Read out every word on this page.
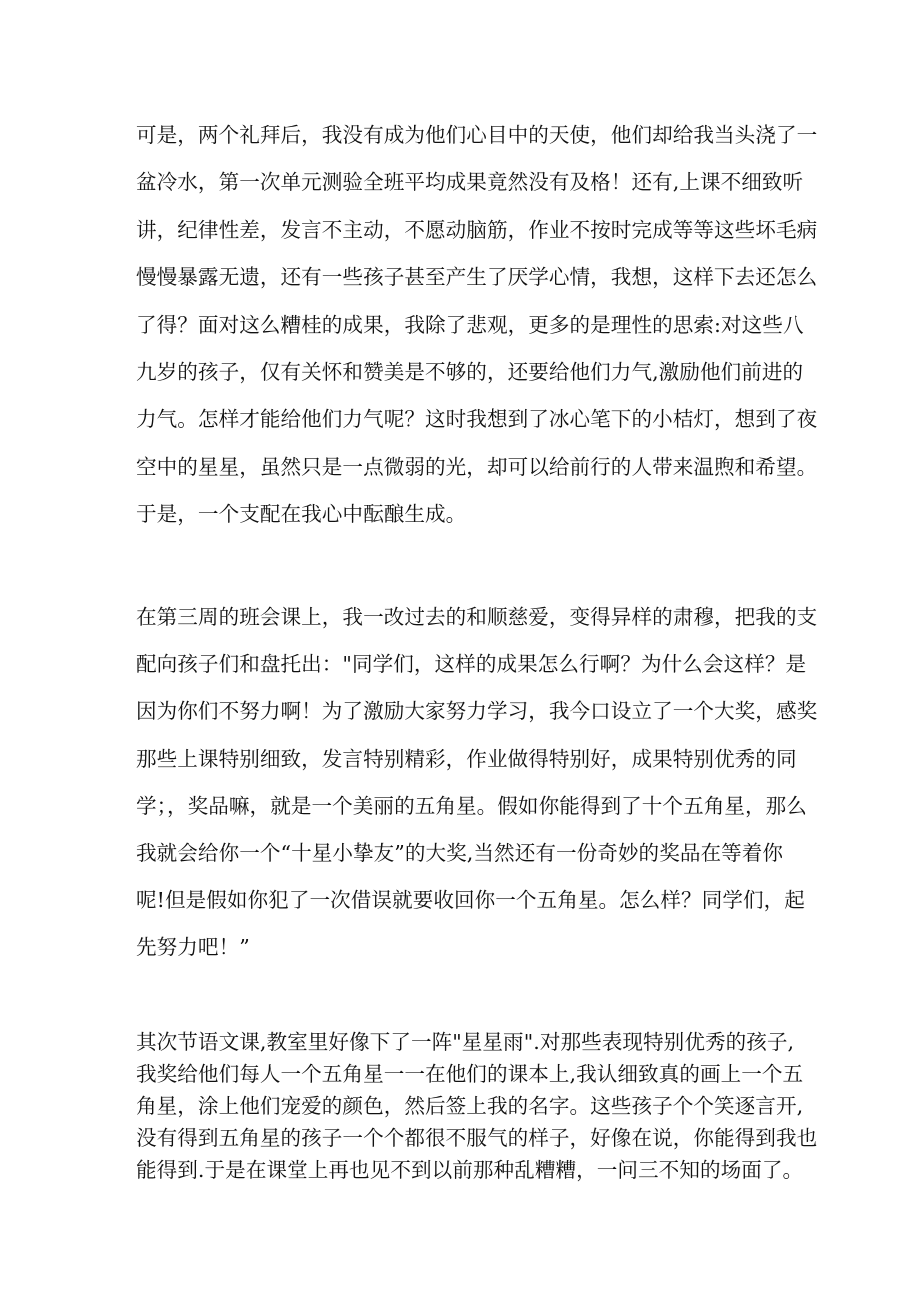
可是，两个礼拜后，我没有成为他们心目中的天使，他们却给我当头浇了一
盆冷水，第一次单元测验全班平均成果竟然没有及格！还有,上课不细致听
讲，纪律性差，发言不主动，不愿动脑筋，作业不按时完成等等这些坏毛病
慢慢暴露无遗，还有一些孩子甚至产生了厌学心情，我想，这样下去还怎么
了得？面对这么糟桂的成果，我除了悲观，更多的是理性的思索:对这些八
九岁的孩子，仅有关怀和赞美是不够的，还要给他们力气,激励他们前进的
力气。怎样才能给他们力气呢？这时我想到了冰心笔下的小桔灯，想到了夜
空中的星星，虽然只是一点微弱的光，却可以给前行的人带来温煦和希望。
于是，一个支配在我心中酝酿生成。
在第三周的班会课上，我一改过去的和顺慈爱，变得异样的肃穆，把我的支
配向孩子们和盘托出："同学们，这样的成果怎么行啊？为什么会这样？是
因为你们不努力啊！为了激励大家努力学习，我今口设立了一个大奖，感奖
那些上课特别细致，发言特别精彩，作业做得特别好，成果特别优秀的同
学；，奖品嘛，就是一个美丽的五角星。假如你能得到了十个五角星，那么
我就会给你一个“十星小挚友”的大奖,当然还有一份奇妙的奖品在等着你
呢!但是假如你犯了一次借误就要收回你一个五角星。怎么样？同学们，起
先努力吧！”
其次节语文课,教室里好像下了一阵"星星雨".对那些表现特别优秀的孩子,
我奖给他们每人一个五角星一一在他们的课本上,我认细致真的画上一个五
角星，涂上他们宠爱的颜色，然后签上我的名字。这些孩子个个笑逐言开,
没有得到五角星的孩子一个个都很不服气的样子，好像在说，你能得到我也
能得到.于是在课堂上再也见不到以前那种乱糟糟，一问三不知的场面了。
